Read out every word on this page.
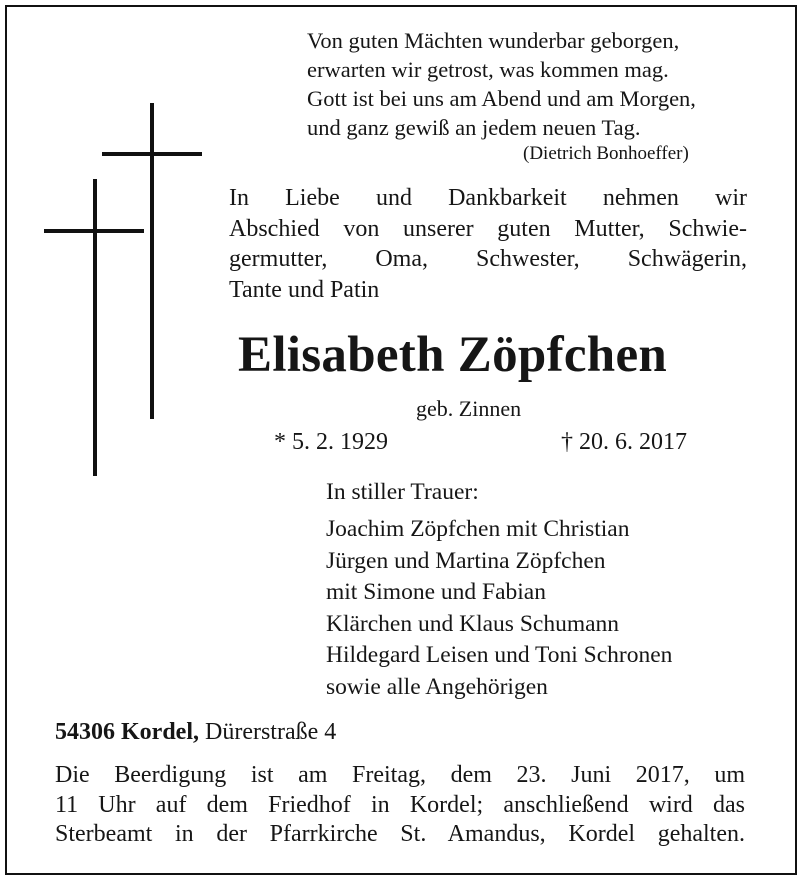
Von guten Mächten wunderbar geborgen,
erwarten wir getrost, was kommen mag.
Gott ist bei uns am Abend und am Morgen,
und ganz gewiß an jedem neuen Tag.
(Dietrich Bonhoeffer)
In Liebe und Dankbarkeit nehmen wir
Abschied von unserer guten Mutter, Schwie-
germutter, Oma, Schwester, Schwägerin,
Tante und Patin
Elisabeth Zöpfchen
geb. Zinnen
* 5. 2. 1929	† 20. 6. 2017
In stiller Trauer:
Joachim Zöpfchen mit Christian
Jürgen und Martina Zöpfchen
mit Simone und Fabian
Klärchen und Klaus Schumann
Hildegard Leisen und Toni Schronen
sowie alle Angehörigen
54306 Kordel, Dürerstraße 4
Die Beerdigung ist am Freitag, dem 23. Juni 2017, um
11 Uhr auf dem Friedhof in Kordel; anschließend wird das
Sterbeamt in der Pfarrkirche St. Amandus, Kordel gehalten.
